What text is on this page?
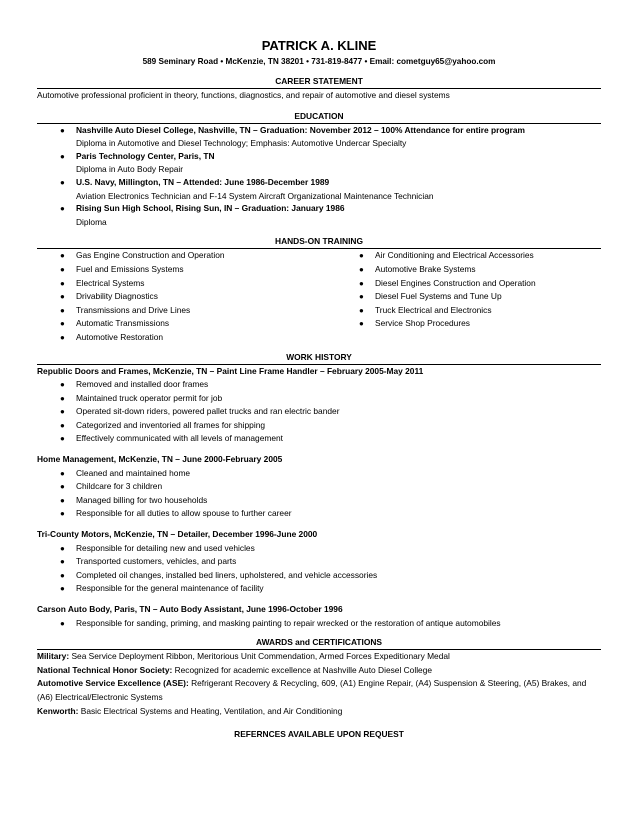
PATRICK A. KLINE
589 Seminary Road • McKenzie, TN 38201 • 731-819-8477 • Email: cometguy65@yahoo.com
CAREER STATEMENT
Automotive professional proficient in theory, functions, diagnostics, and repair of automotive and diesel systems
EDUCATION
● Nashville Auto Diesel College, Nashville, TN – Graduation: November 2012 – 100% Attendance for entire program
Diploma in Automotive and Diesel Technology; Emphasis: Automotive Undercar Specialty
● Paris Technology Center, Paris, TN
Diploma in Auto Body Repair
● U.S. Navy, Millington, TN – Attended: June 1986-December 1989
Aviation Electronics Technician and F-14 System Aircraft Organizational Maintenance Technician
● Rising Sun High School, Rising Sun, IN – Graduation: January 1986
Diploma
HANDS-ON TRAINING
● Gas Engine Construction and Operation
● Fuel and Emissions Systems
● Electrical Systems
● Drivability Diagnostics
● Transmissions and Drive Lines
● Automatic Transmissions
● Automotive Restoration
● Air Conditioning and Electrical Accessories
● Automotive Brake Systems
● Diesel Engines Construction and Operation
● Diesel Fuel Systems and Tune Up
● Truck Electrical and Electronics
● Service Shop Procedures
WORK HISTORY
Republic Doors and Frames, McKenzie, TN – Paint Line Frame Handler – February 2005-May 2011
● Removed and installed door frames
● Maintained truck operator permit for job
● Operated sit-down riders, powered pallet trucks and ran electric bander
● Categorized and inventoried all frames for shipping
● Effectively communicated with all levels of management
Home Management, McKenzie, TN – June 2000-February 2005
● Cleaned and maintained home
● Childcare for 3 children
● Managed billing for two households
● Responsible for all duties to allow spouse to further career
Tri-County Motors, McKenzie, TN – Detailer, December 1996-June 2000
● Responsible for detailing new and used vehicles
● Transported customers, vehicles, and parts
● Completed oil changes, installed bed liners, upholstered, and vehicle accessories
● Responsible for the general maintenance of facility
Carson Auto Body, Paris, TN – Auto Body Assistant, June 1996-October 1996
● Responsible for sanding, priming, and masking painting to repair wrecked or the restoration of antique automobiles
AWARDS and CERTIFICATIONS
Military: Sea Service Deployment Ribbon, Meritorious Unit Commendation, Armed Forces Expeditionary Medal
National Technical Honor Society: Recognized for academic excellence at Nashville Auto Diesel College
Automotive Service Excellence (ASE): Refrigerant Recovery & Recycling, 609, (A1) Engine Repair, (A4) Suspension & Steering, (A5) Brakes, and (A6) Electrical/Electronic Systems
Kenworth: Basic Electrical Systems and Heating, Ventilation, and Air Conditioning
REFERNCES AVAILABLE UPON REQUEST
